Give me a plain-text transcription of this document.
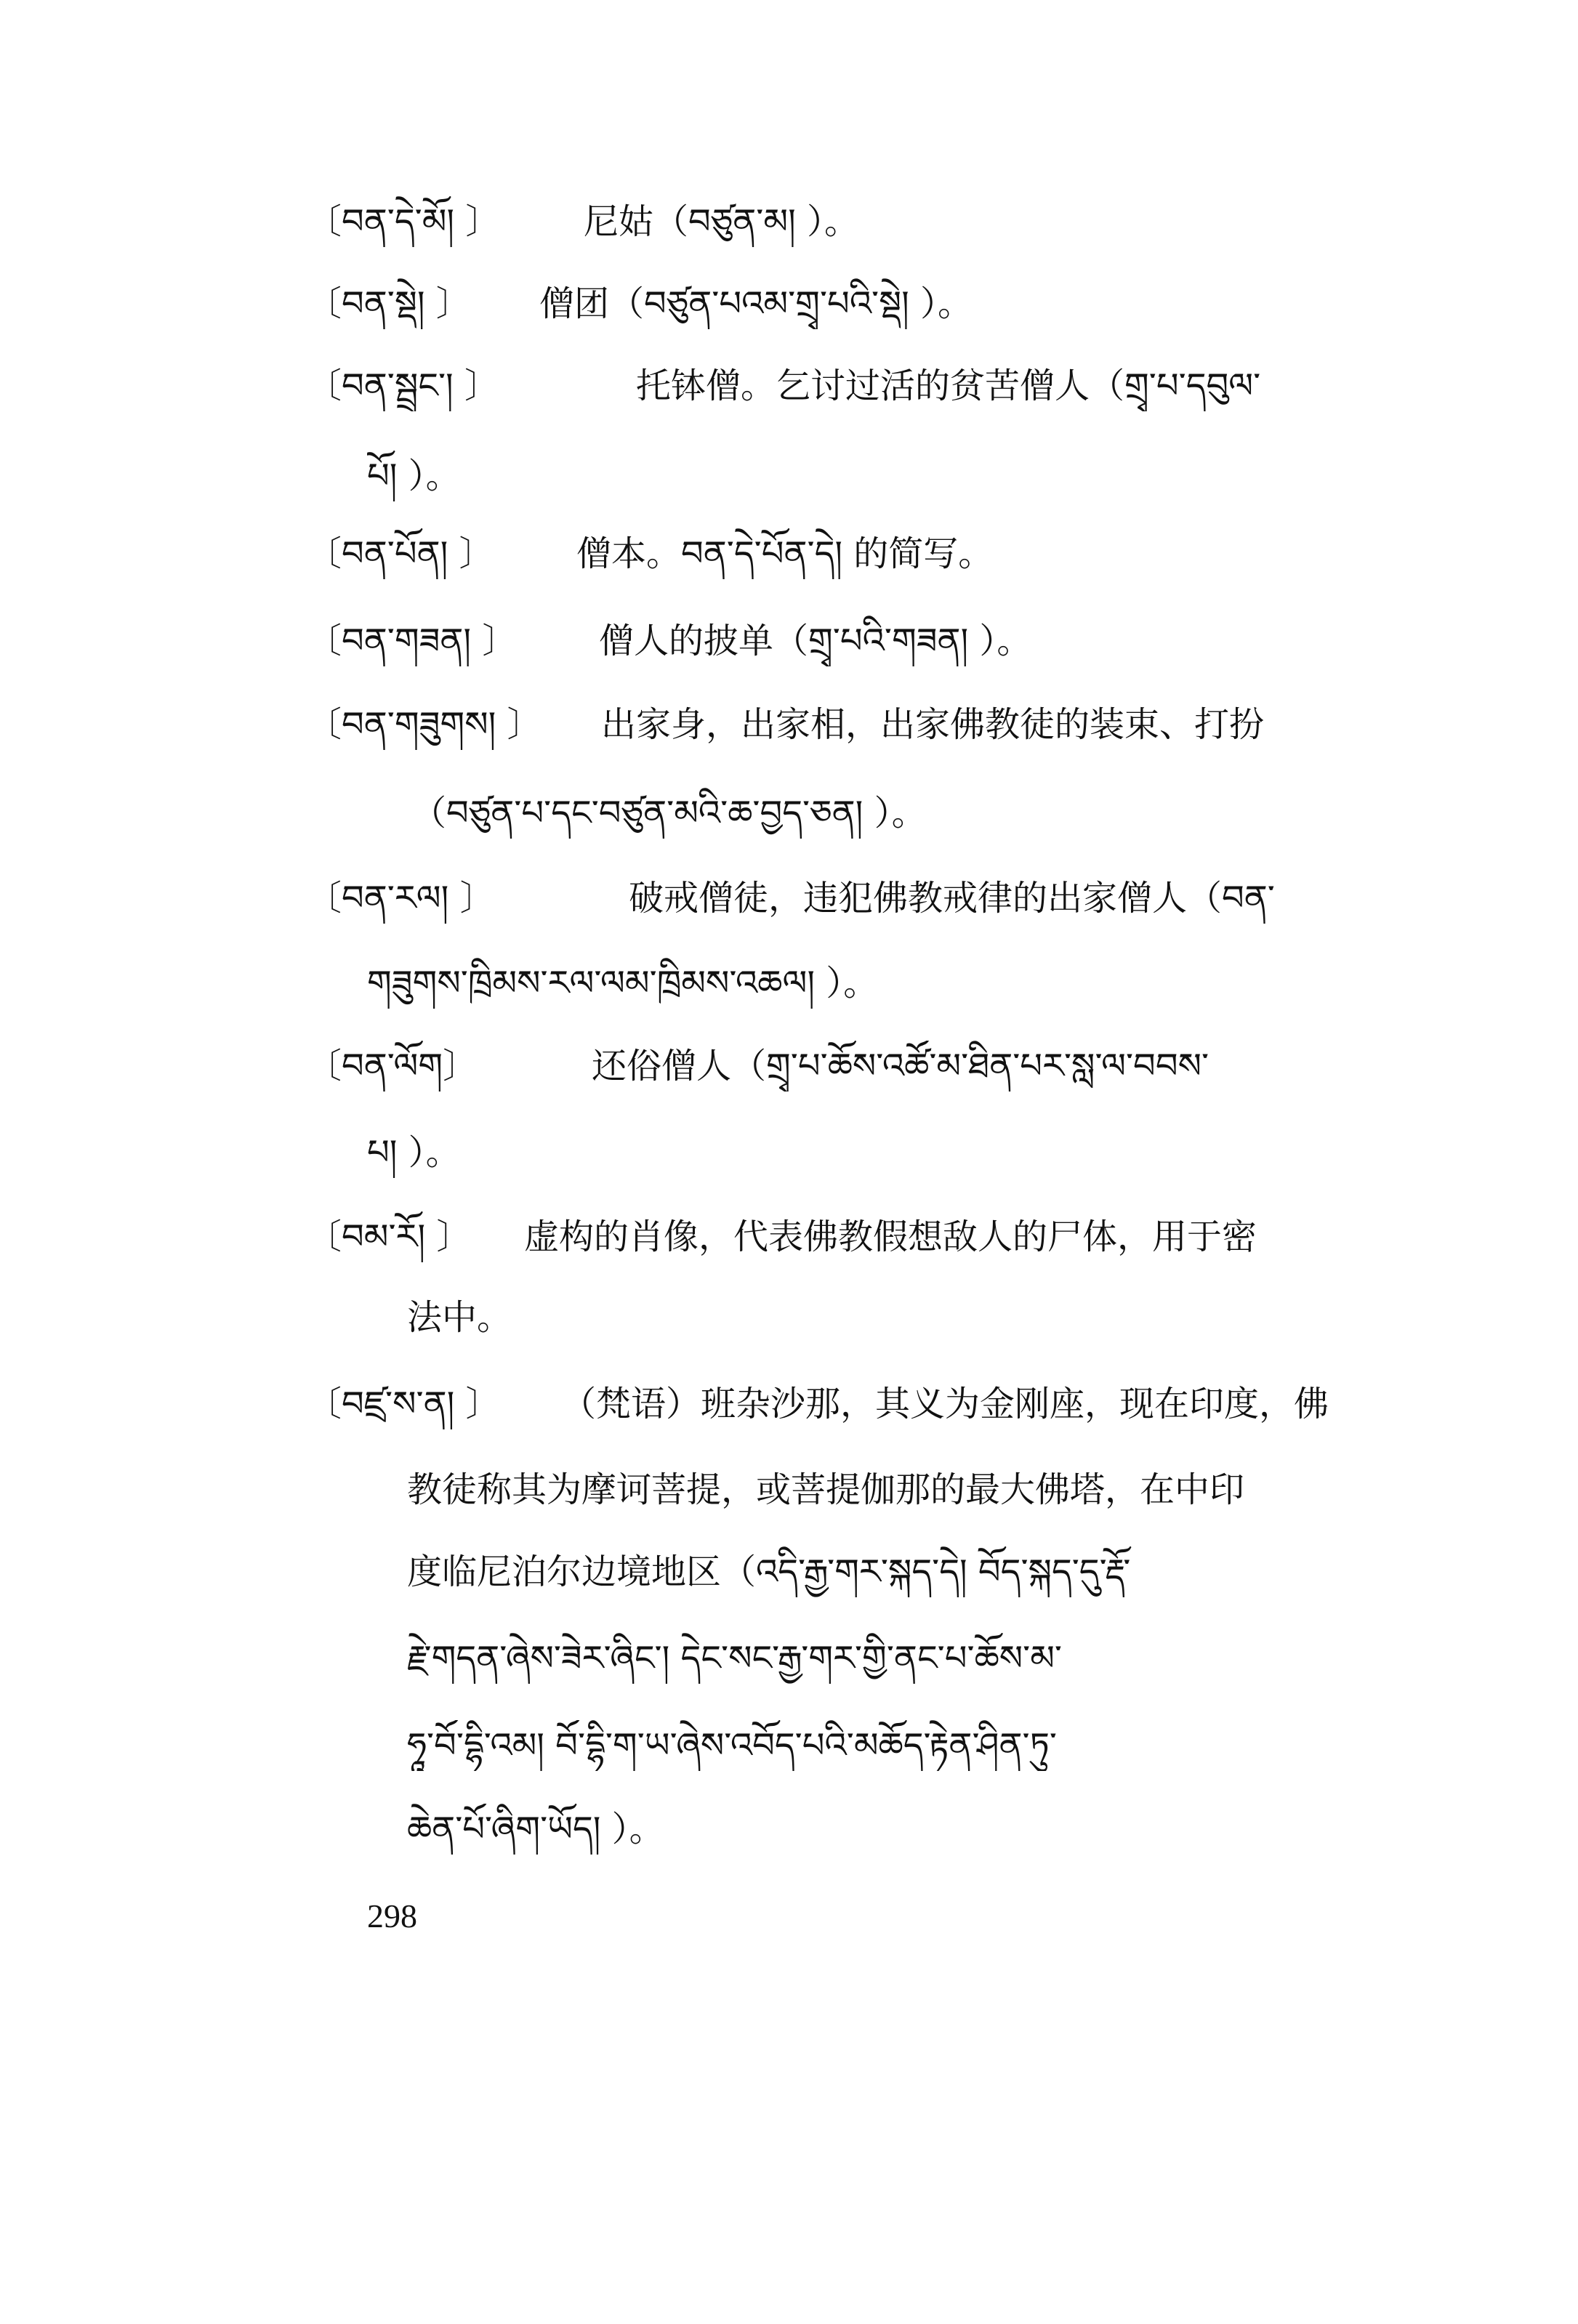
〔བན་དེ་མོ། 〕 尼姑（བཙུན་མ། ）。
〔བན་སྡེ། 〕 僧团（བཙུན་པའམ་གྲྭ་པའི་སྡེ། ）。
〔བན་སྦྲང་། 〕	托钵僧。乞讨过活的贫苦僧人（གྲྭ་པ་དབུལ་
པོ། ）。
〔བན་པོན། 〕 僧本。བན་དེ་པོན་དེ། 的简写。
〔བན་གཟན། 〕 僧人的披单（གྲྭ་པའི་གཟན། ）。
〔བན་གཟུགས། 〕 出家身，出家相，出家佛教徒的装束、打扮
（བཙུན་པ་དང་བཙུན་མའི་ཆ་བྱད་ཅན། ）。
〔བན་རལ། 〕	破戒僧徒，违犯佛教戒律的出家僧人（བན་
གཟུགས་ཁྲིམས་རལ་ལམ་ཁྲིམས་འཆལ། ）。
〔བན་ལོག〕	还俗僧人（གྲྭ་པ་ཆོས་འཚོ་མ་ཐིན་པར་སླ་ལ་བབས་
པ། ）。
〔བམ་རོ། 〕 虚构的肖像，代表佛教假想敌人的尸体，用于密
法中。
〔བཛྲ་ས་ན། 〕 （梵语）班杂沙那，其义为金刚座，现在印度，佛
教徒称其为摩诃菩提，或菩提伽那的最大佛塔，在中印
度临尼泊尔边境地区（འདི་རྒྱ་གར་སྐད་དེ། བོད་སྐད་དུ་རྡོ་
རྗེ་གདན་ཞེས་ཟེར་ཞིང་། དེང་སང་རྒྱ་གར་གྱི་ནང་པ་ཆོས་མ་
ཧཱ་བོ་དྷི་འམ། བོ་དྷི་ག་ཡ་ཞེས་འབོད་པའི་མཆོད་རྟེན་ཤིན་ཏུ་
ཆེན་པོ་ཞིག་ཡོད། ）。
298
